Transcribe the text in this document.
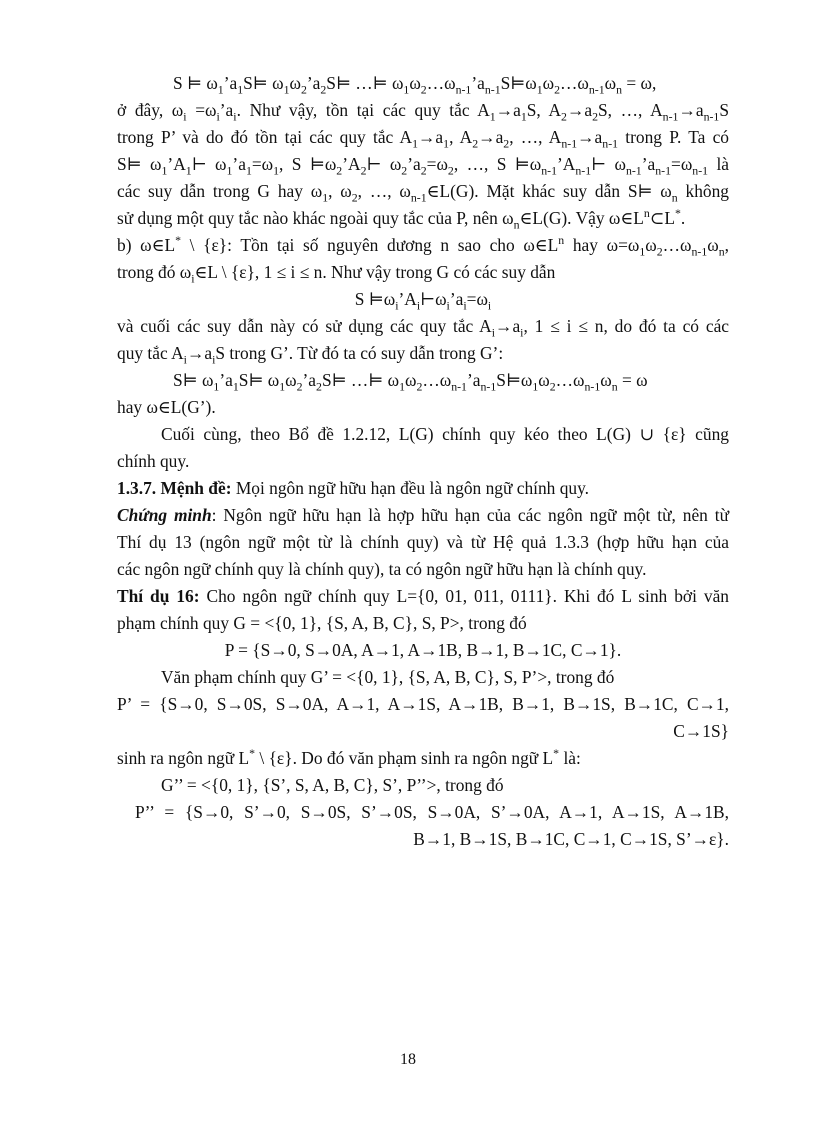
S ⊨ $\omega_1’a_1S⊨$ $\omega_1\omega_2’a_2S⊨$ …⊨ $\omega_1\omega_2\dots\omega_{n-1}’a_{n-1}S⊨\omega_1\omega_2\dots\omega_{n-1}\omega_n = \omega$,
ở đây, $\omega_i$ $=\omega_i’a_i$. Như vậy, tồn tại các quy tắc $A_1\to a_1S$, $A_2\to a_2S$, …, $A_{n-1}\to a_{n-1}S$
trong P’ và do đó tồn tại các quy tắc $A_1\to a_1$, $A_2\to a_2$, …, $A_{n-1}\to a_{n-1}$ trong P. Ta có
S⊨ $\omega_1’A_1⊢$ $\omega_1’a_1=\omega_1$, S $⊨\omega_2’A_2⊢$ $\omega_2’a_2=\omega_2$, …, S $⊨\omega_{n-1}’A_{n-1}⊢$ $\omega_{n-1}’a_{n-1}=\omega_{n-1}$ là
các suy dẫn trong G hay $\omega_1$, $\omega_2$, …, $\omega_{n-1}\in L(G)$. Mặt khác suy dẫn S⊨ $\omega_n$ không
sử dụng một quy tắc nào khác ngoài quy tắc của P, nên $\omega_n\in L(G)$. Vậy $\omega\in L^n\subset L^*$.
b) ω∈L* \ {ε}: Tồn tại số nguyên dương n sao cho $\omega\in L^n$ hay $\omega=\omega_1\omega_2\dots\omega_{n-1}\omega_n$,
trong đó $\omega_i\in L$ \ {ε}, 1 ≤ i ≤ n. Như vậy trong G có các suy dẫn
S $⊨\omega_i’A_i⊢\omega_i’a_i=\omega_i$
và cuối các suy dẫn này có sử dụng các quy tắc $A_i\to a_i$, 1 ≤ i ≤ n, do đó ta có các
quy tắc $A_i\to a_iS$ trong G’. Từ đó ta có suy dẫn trong G’:
S⊨ $\omega_1’a_1S⊨$ $\omega_1\omega_2’a_2S⊨$ …⊨ $\omega_1\omega_2\dots\omega_{n-1}’a_{n-1}S⊨\omega_1\omega_2\dots\omega_{n-1}\omega_n = \omega$
hay ω∈L(G’).
Cuối cùng, theo Bổ đề 1.2.12, L(G) chính quy kéo theo L(G) ∪ {ε} cũng
chính quy.
1.3.7. Mệnh đề: Mọi ngôn ngữ hữu hạn đều là ngôn ngữ chính quy.
Chứng minh: Ngôn ngữ hữu hạn là hợp hữu hạn của các ngôn ngữ một từ, nên từ
Thí dụ 13 (ngôn ngữ một từ là chính quy) và từ Hệ quả 1.3.3 (hợp hữu hạn của
các ngôn ngữ chính quy là chính quy), ta có ngôn ngữ hữu hạn là chính quy.
Thí dụ 16: Cho ngôn ngữ chính quy L={0, 01, 011, 0111}. Khi đó L sinh bởi văn
phạm chính quy G = <{0, 1}, {S, A, B, C}, S, P>, trong đó
P = {S→0, S→0A, A→1, A→1B, B→1, B→1C, C→1}.
Văn phạm chính quy G’ = <{0, 1}, {S, A, B, C}, S, P’>, trong đó
P’ = {S→0, S→0S, S→0A, A→1, A→1S, A→1B, B→1, B→1S, B→1C, C→1,
C→1S}
sinh ra ngôn ngữ L* \ {ε}. Do đó văn phạm sinh ra ngôn ngữ L* là:
G’’ = <{0, 1}, {S’, S, A, B, C}, S’, P’’>, trong đó
P’’ = {S→0, S’→0, S→0S, S’→0S, S→0A, S’→0A, A→1, A→1S, A→1B,
B→1, B→1S, B→1C, C→1, C→1S, S’→ε}.
18
